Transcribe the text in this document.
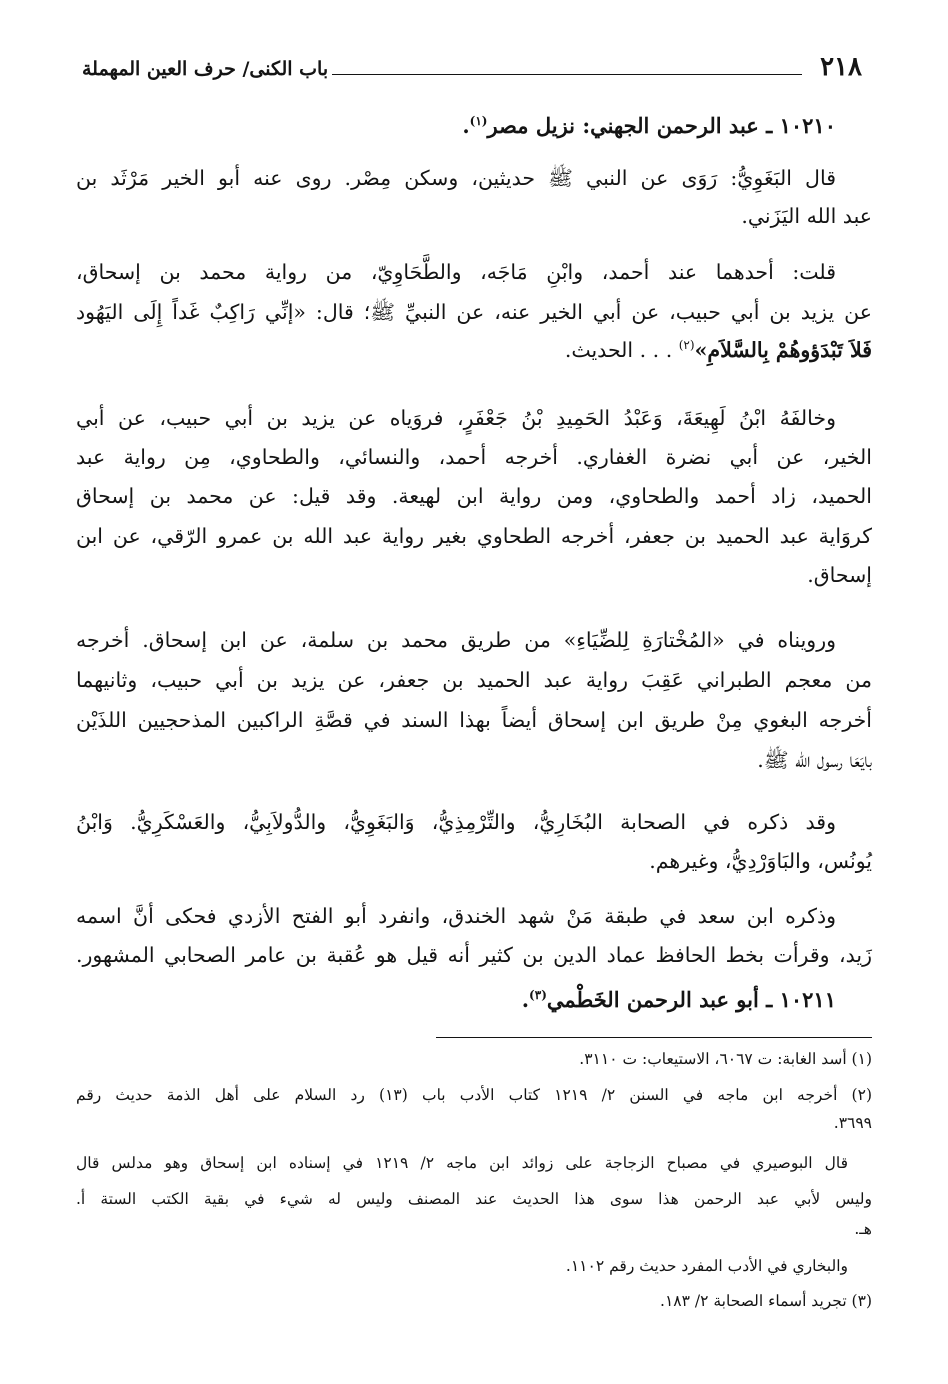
٢١٨
باب الكنى/ حرف العين المهملة
١٠٢١٠ ـ عبد الرحمن الجهني: نزيل مصر$^{(١)}$.
قال البَغَوِيُّ: رَوَى عن النبي ﷺ حديثين، وسكن مِصْر. روى عنه أبو الخير مَرْثَد بن
عبد الله اليَزَني.
قلت: أحدهما عند أحمد، وابْنِ مَاجَه، والطَّحَاوِيّ، من رواية محمد بن إسحاق،
عن يزيد بن أبي حبيب، عن أبي الخير عنه، عن النبيِّ ﷺ؛ قال: «إنِّي رَاكِبٌ غَداً إِلَى اليَهُود
فَلاَ تَبْدَؤوهُمْ بِالسَّلاَمِ»$^{(٢)}$ . . . الحديث.
وخالفَهُ ابْنُ لَهِيعَةَ، وَعَبْدُ الحَمِيدِ بْنُ جَعْفَرٍ، فروَياه عن يزيد بن أبي حبيب، عن أبي
الخير، عن أبي نضرة الغفاري. أخرجه أحمد، والنسائي، والطحاوي، مِن رواية عبد
الحميد، زاد أحمد والطحاوي، ومن رواية ابن لهيعة. وقد قيل: عن محمد بن إسحاق
كروَاية عبد الحميد بن جعفر، أخرجه الطحاوي بغير رواية عبد الله بن عمرو الرّقي، عن ابن
إسحاق.
ورويناه في «المُخْتارَةِ لِلضِّيَاءِ» من طريق محمد بن سلمة، عن ابن إسحاق. أخرجه
من معجم الطبراني عَقِبَ رواية عبد الحميد بن جعفر، عن يزيد بن أبي حبيب، وثانيهما
أخرجه البغوي مِنْ طريق ابن إسحاق أيضاً بهذا السند في قصَّةِ الراكبين المذحجيين اللذَيْن
بايَعَا رسول الله ﷺ.
وقد ذكره في الصحابة البُخَارِيُّ، والتِّرْمِذِيُّ، وَالبَغَوِيُّ، والدُّولاَبِيُّ، والعَسْكَرِيُّ. وَابْنُ
يُونُس، والبَاوَرْدِيُّ، وغيرهم.
وذكره ابن سعد في طبقة مَنْ شهد الخندق، وانفرد أبو الفتح الأزدي فحكى أنَّ اسمه
زَيد، وقرأت بخط الحافظ عماد الدين بن كثير أنه قيل هو عُقبة بن عامر الصحابي المشهور.
١٠٢١١ ـ أبو عبد الرحمن الخَطْمي$^{(٣)}$.
(١) أسد الغابة: ت ٦٠٦٧، الاستيعاب: ت ٣١١٠.
(٢) أخرجه ابن ماجه في السنن ٢/ ١٢١٩ كتاب الأدب باب (١٣) رد السلام على أهل الذمة حديث رقم
٣٦٩٩.
قال البوصيري في مصباح الزجاجة على زوائد ابن ماجه ٢/ ١٢١٩ في إسناده ابن إسحاق وهو مدلس قال
وليس لأبي عبد الرحمن هذا سوى هذا الحديث عند المصنف وليس له شيء في بقية الكتب الستة أ.
هـ.
والبخاري في الأدب المفرد حديث رقم ١١٠٢.
(٣) تجريد أسماء الصحابة ٢/ ١٨٣.
